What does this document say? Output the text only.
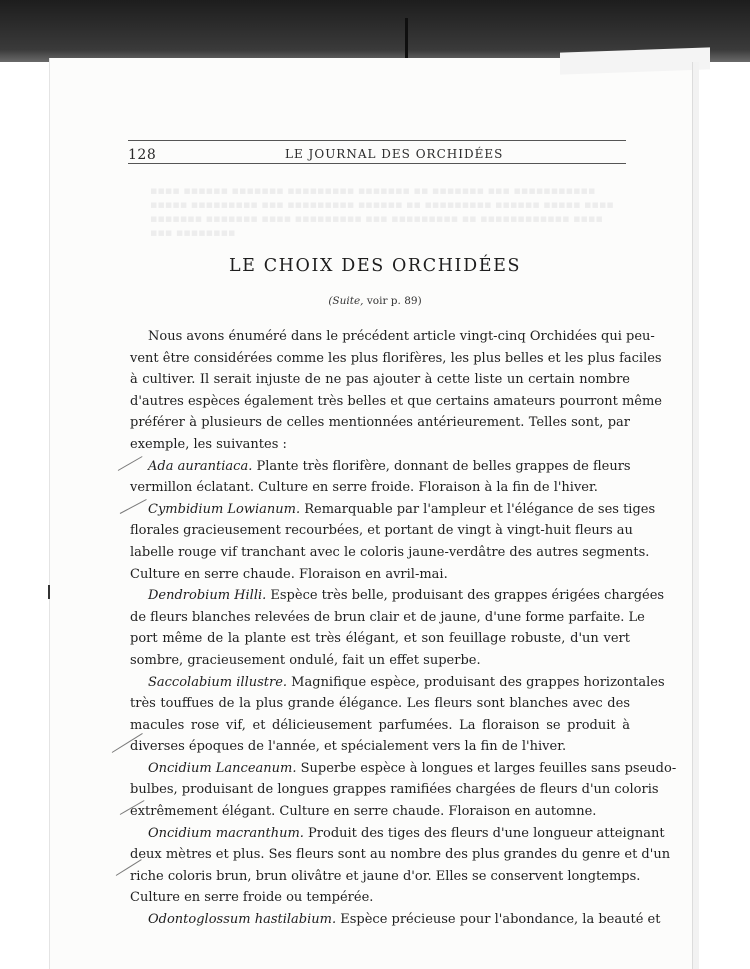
128	LE JOURNAL DES ORCHIDÉES
▪▪▪▪ ▪▪▪▪▪▪ ▪▪▪▪▪▪▪ ▪▪▪▪▪▪▪▪▪ ▪▪▪▪▪▪▪ ▪▪ ▪▪▪▪▪▪▪ ▪▪▪ ▪▪▪▪▪▪▪▪▪▪▪ ▪▪▪▪▪ ▪▪▪▪▪▪▪▪▪ ▪▪▪ ▪▪▪▪▪▪▪▪▪ ▪▪▪▪▪▪ ▪▪ ▪▪▪▪▪▪▪▪▪ ▪▪▪▪▪▪ ▪▪▪▪▪ ▪▪▪▪ ▪▪▪▪▪▪▪ ▪▪▪▪▪▪▪ ▪▪▪▪ ▪▪▪▪▪▪▪▪▪ ▪▪▪ ▪▪▪▪▪▪▪▪▪ ▪▪ ▪▪▪▪▪▪▪▪▪▪▪▪ ▪▪▪▪ ▪▪▪ ▪▪▪▪▪▪▪▪
LE CHOIX DES ORCHIDÉES
(Suite, voir p. 89)
Nous avons énuméré dans le précédent article vingt-cinq Orchidées qui peu-
vent être considérées comme les plus florifères, les plus belles et les plus faciles
à cultiver. Il serait injuste de ne pas ajouter à cette liste un certain nombre
d'autres espèces également très belles et que certains amateurs pourront même
préférer à plusieurs de celles mentionnées antérieurement. Telles sont, par
exemple, les suivantes :
Ada aurantiaca. Plante très florifère, donnant de belles grappes de fleurs
vermillon éclatant. Culture en serre froide. Floraison à la fin de l'hiver.
Cymbidium Lowianum. Remarquable par l'ampleur et l'élégance de ses tiges
florales gracieusement recourbées, et portant de vingt à vingt-huit fleurs au
labelle rouge vif tranchant avec le coloris jaune-verdâtre des autres segments.
Culture en serre chaude. Floraison en avril-mai.
Dendrobium Hilli. Espèce très belle, produisant des grappes érigées chargées
de fleurs blanches relevées de brun clair et de jaune, d'une forme parfaite. Le
port même de la plante est très élégant, et son feuillage robuste, d'un vert
sombre, gracieusement ondulé, fait un effet superbe.
Saccolabium illustre. Magnifique espèce, produisant des grappes horizontales
très touffues de la plus grande élégance. Les fleurs sont blanches avec des
macules rose vif, et délicieusement parfumées. La floraison se produit à
diverses époques de l'année, et spécialement vers la fin de l'hiver.
Oncidium Lanceanum. Superbe espèce à longues et larges feuilles sans pseudo-
bulbes, produisant de longues grappes ramifiées chargées de fleurs d'un coloris
extrêmement élégant. Culture en serre chaude. Floraison en automne.
Oncidium macranthum. Produit des tiges des fleurs d'une longueur atteignant
deux mètres et plus. Ses fleurs sont au nombre des plus grandes du genre et d'un
riche coloris brun, brun olivâtre et jaune d'or. Elles se conservent longtemps.
Culture en serre froide ou tempérée.
Odontoglossum hastilabium. Espèce précieuse pour l'abondance, la beauté et
